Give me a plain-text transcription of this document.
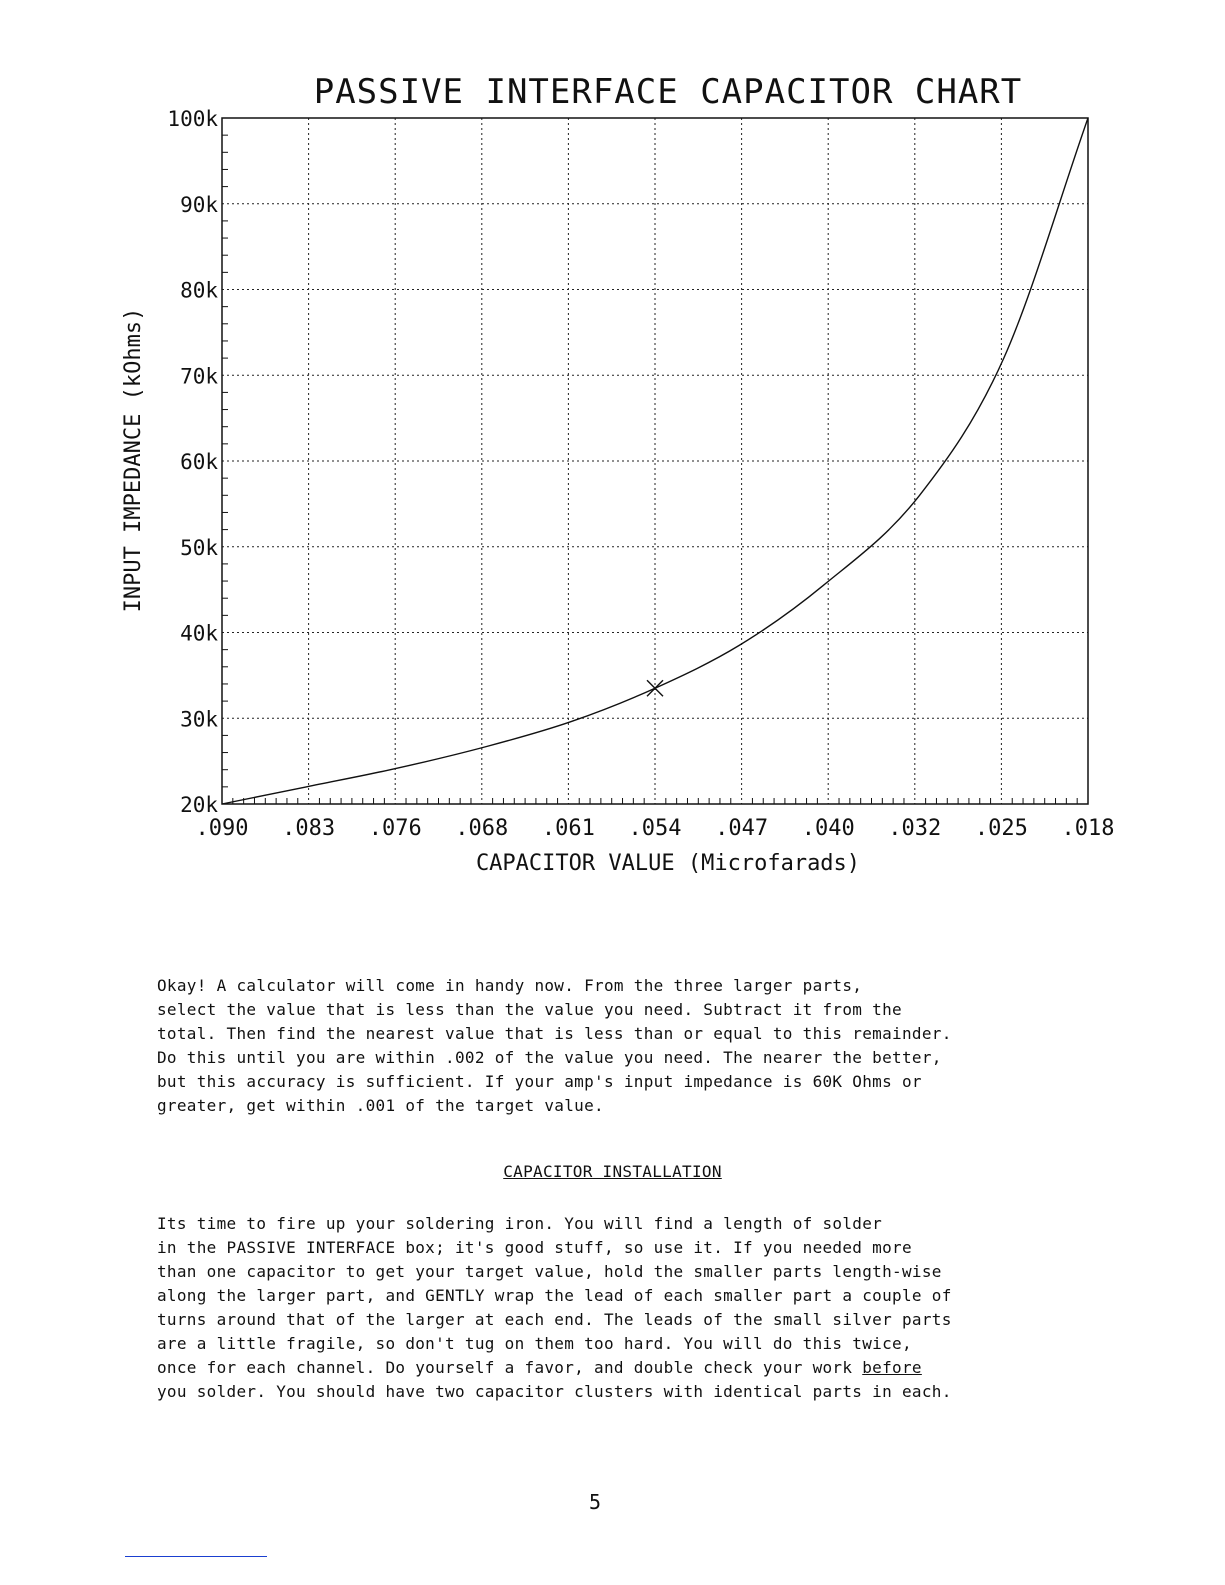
PASSIVE INTERFACE CAPACITOR CHART
20k
30k
40k
50k
60k
70k
80k
90k
100k
.090 .083 .076 .068 .061 .054 .047 .040 .032 .025 .018
CAPACITOR VALUE (Microfarads)
INPUT IMPEDANCE (kOhms)

Okay! A calculator will come in handy now. From the three larger parts,
select the value that is less than the value you need. Subtract it from the
total. Then find the nearest value that is less than or equal to this remainder.
Do this until you are within .002 of the value you need. The nearer the better,
but this accuracy is sufficient. If your amp's input impedance is 60K Ohms or
greater, get within .001 of the target value.

CAPACITOR INSTALLATION

Its time to fire up your soldering iron. You will find a length of solder
in the PASSIVE INTERFACE box; it's good stuff, so use it. If you needed more
than one capacitor to get your target value, hold the smaller parts length-wise
along the larger part, and GENTLY wrap the lead of each smaller part a couple of
turns around that of the larger at each end. The leads of the small silver parts
are a little fragile, so don't tug on them too hard. You will do this twice,
once for each channel. Do yourself a favor, and double check your work before
you solder. You should have two capacitor clusters with identical parts in each.

5
